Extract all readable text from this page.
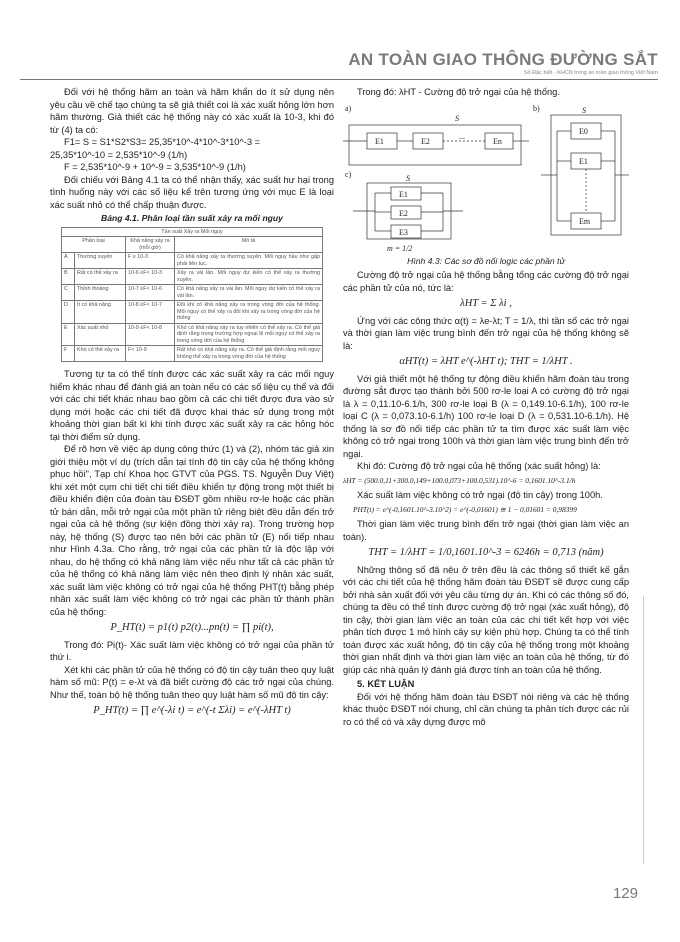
AN TOÀN GIAO THÔNG ĐƯỜNG SẮT
Số Đặc biệt - KHCN trong an toàn giao thông Việt Nam

Đối với hệ thống hãm an toàn và hãm khẩn do ít sử dụng nên yêu cầu về chế tạo chúng ta sẽ giả thiết coi là xác xuất hỏng lớn hơn hãm thường. Giả thiết các hệ thống này có xác xuất là 10-3, khi đó từ (4) ta có:

F1= S = S1*S2*S3= 25,35*10^-4*10^-3*10^-3 =

25,35*10^-10 = 2,535*10^-9 (1/h)

F = 2,535*10^-9 + 10^-9 = 3,535*10^-9 (1/h)

Đối chiếu với Bảng 4.1 ta có thể nhận thấy, xác suất hư hại trong tình huống này với các số liệu kể trên tương ứng với mục E là loại xác suất nhỏ có thể chấp thuận được.

Bảng 4.1. Phân loại tần suất xảy ra mối nguy

Tần suất Xảy ra Mối nguy			
Phân loại		Khả năng xảy ra (mỗi giờ)	Mô tả
A	Thường xuyên	F ≥ 10-3	Có khả năng xảy ra thường xuyên. Mối nguy hầu như gặp phải liên tục.
B	Rất có thể xảy ra	10-6 ≤F< 10-3	Xảy ra vài lần. Mối nguy dự kiến có thể xảy ra thường xuyên.
C	Thỉnh thoảng	10-7 ≤F< 10-6	Có khả năng xảy ra vài lần. Mối nguy dự kiến có thể xảy ra vài lần.
D	Ít có khả năng	10-8 ≤F< 10-7	Đôi khi có khả năng xảy ra trong vòng đời của hệ thống. Mối nguy có thể xảy ra đôi khi xảy ra trong vòng đời của hệ thống
E	Xác suất nhỏ	10-9 ≤F< 10-8	Khó có khả năng xảy ra tuy nhiên có thể xảy ra. Có thể giả định rằng trong trường hợp ngoại lệ mối nguy có thể xảy ra trong vòng đời của hệ thống
F	Khó có thể xảy ra	F< 10-9	Rất khó có khả năng xảy ra. Có thể giả định rằng mối nguy không thể xảy ra trong vòng đời của hệ thống

Tương tự ta có thể tính được các xác suất xảy ra các mối nguy hiểm khác nhau để đánh giá an toàn nếu có các số liệu cụ thể và đối với các chi tiết khác nhau bao gồm cả các chi tiết được đưa vào sử dụng mới hoặc các chi tiết đã được khai thác sử dụng trong một khoảng thời gian bất kì khi tính được xác suất xảy ra các hỏng hóc tại thời điểm sử dụng.

Để rõ hơn về việc áp dụng công thức (1) và (2), nhóm tác giả xin giới thiệu một ví dụ (trích dẫn tại tính độ tin cậy của hệ thống không phục hồi", Tạp chí Khoa học GTVT của PGS. TS. Nguyễn Duy Việt) khi xét một cụm chi tiết chi tiết điều khiển tự động trong một thiết bị điều khiển điện của đoàn tàu ĐSĐT gồm nhiều rơ-le hoặc các phần tử bán dẫn, mỗi trở ngại của một phần tử riêng biệt đều dẫn đến trở ngại của cả hệ thống (sự kiện đồng thời xảy ra). Trong trường hợp này, hệ thống (S) được tạo nên bởi các phần tử (E) nối tiếp nhau như Hình 4.3a. Cho rằng, trở ngại của các phần tử là độc lập với nhau, do hệ thống có khả năng làm việc nếu như tất cả các phần tử của hệ thống có khả năng làm việc nên theo định lý nhân xác suất, xác suất làm việc không có trở ngại của hệ thống PHT(t) bằng phép nhân xác suất làm việc không có trở ngại các phần tử thành phần của hệ thống:

P_HT(t) = p1(t) p2(t)...pn(t) = ∏ pi(t),

Trong đó: Pi(t)- Xác suất làm việc không có trở ngại của phần tử thứ i.

Xét khi các phần tử của hệ thống có độ tin cậy tuân theo quy luật hàm số mũ: P(t) = e-λt và đã biết cường độ các trở ngại của chúng. Như thế, toàn bộ hệ thống tuân theo quy luật hàm số mũ độ tin cậy:

P_HT(t) = ∏ e^(-λi t) = e^(-t Σλi) = e^(-λHT t)

Trong đó: λHT - Cường độ trở ngại của hệ thống.

a)
S
E1	E2
...
En
b)	S
E0
E1
Em
c)	S
E1
E2
E3
m = 1/2

Hình 4.3: Các sơ đồ nối logic các phần tử

Cường độ trở ngại của hệ thống bằng tổng các cường độ trở ngại các phần tử của nó, tức là:

λHT = Σ λi ,

Ứng với các công thức α(t) = λe-λt; T = 1/λ, thì tần số các trở ngại và thời gian làm việc trung bình đến trở ngại của hệ thống không sẽ là:

αHT(t) = λHT e^(-λHT t); THT = 1/λHT .

Với giả thiết một hệ thống tự động điều khiển hãm đoàn tàu trong đường sắt được tạo thành bởi 500 rơ-le loại A có cường độ trở ngại là λ = 0,11.10-6.1/h, 300 rơ-le loại B (λ = 0,149.10-6.1/h), 100 rơ-le loại C (λ = 0,073.10-6.1/h) 100 rơ-le loại D (λ = 0,531.10-6.1/h). Hệ thống là sơ đồ nối tiếp các phần tử ta tìm được xác suất làm việc không có trở ngại trong 100h và thời gian làm việc trung bình đến trở ngại.

Khi đó: Cường độ trở ngại của hệ thống (xác suất hỏng) là:

λHT = (500.0,11+300.0,149+100.0,073+100.0,531).10^-6 = 0,1601.10^-3.1/h

Xác suất làm việc không có trở ngại (độ tin cậy) trong 100h.

PHT(t) = e^(-0,1601.10^-3.10^2) = e^(-0,01601) ≅ 1 − 0,01601 = 0,98399

Thời gian làm việc trung bình đến trở ngại (thời gian làm việc an toàn).

THT = 1/λHT = 1/0,1601.10^-3 = 6246h = 0,713 (năm)

Những thông số đã nêu ở trên đều là các thông số thiết kế gắn với các chi tiết của hệ thống hãm đoàn tàu ĐSĐT sẽ được cung cấp bởi nhà sản xuất đối với yêu cầu từng dự án. Khi có các thông số đó, chúng ta đều có thể tính được cường độ trở ngại (xác xuất hỏng), độ tin cậy, thời gian làm việc an toàn của các chi tiết kết hợp với việc phân tích được 1 mô hình cây sự kiện phù hợp. Chúng ta có thể tính toán được xác xuất hỏng, độ tin cậy của hệ thống trong một khoảng thời gian nhất định và thời gian làm việc an toàn của hệ thống, từ đó giúp các nhà quản lý đánh giá được tính an toàn của hệ thống.

5. KẾT LUẬN

Đối với hệ thống hãm đoàn tàu ĐSĐT nói riêng và các hệ thống khác thuộc ĐSĐT nói chung, chỉ cần chúng ta phân tích được các rủi ro có thể có và xây dựng được mô

129
